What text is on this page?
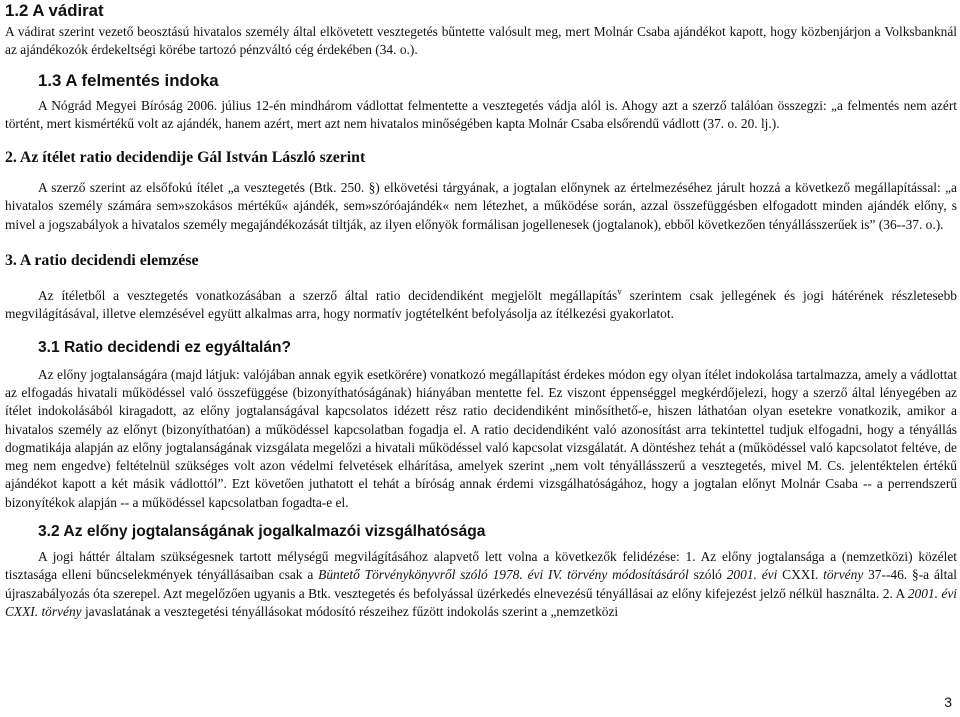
1.2 A vádirat

A vádirat szerint vezető beosztású hivatalos személy által elkövetett vesztegetés bűntette valósult meg, mert Molnár Csaba ajándékot kapott, hogy közbenjárjon a Volksbanknál az ajándékozók érdekeltségi körébe tartozó pénzváltó cég érdekében (34. o.).

1.3 A felmentés indoka

A Nógrád Megyei Bíróság 2006. július 12-én mindhárom vádlottat felmentette a vesztegetés vádja alól is. Ahogy azt a szerző találóan összegzi: „a felmentés nem azért történt, mert kismértékű volt az ajándék, hanem azért, mert azt nem hivatalos minőségében kapta Molnár Csaba elsőrendű vádlott (37. o. 20. lj.).

2. Az ítélet ratio decidendije Gál István László szerint

A szerző szerint az elsőfokú ítélet „a vesztegetés (Btk. 250. §) elkövetési tárgyának, a jogtalan előnynek az értelmezéséhez járult hozzá a következő megállapítással: „a hivatalos személy számára sem»szokásos mértékű« ajándék, sem»szóróajándék« nem létezhet, a működése során, azzal összefüggésben elfogadott minden ajándék előny, s mivel a jogszabályok a hivatalos személy megajándékozását tiltják, az ilyen előnyök formálisan jogellenesek (jogtalanok), ebből következően tényállásszerűek is” (36--37. o.).

3. A ratio decidendi elemzése

Az ítéletből a vesztegetés vonatkozásában a szerző által ratio decidendiként megjelölt megállapítás$^v$ szerintem csak jellegének és jogi hátérének részletesebb megvilágításával, illetve elemzésével együtt alkalmas arra, hogy normatív jogtételként befolyásolja az ítélkezési gyakorlatot.

3.1 Ratio decidendi ez egyáltalán?

Az előny jogtalanságára (majd látjuk: valójában annak egyik esetkörére) vonatkozó megállapítást érdekes módon egy olyan ítélet indokolása tartalmazza, amely a vádlottat az elfogadás hivatali működéssel való összefüggése (bizonyíthatóságának) hiányában mentette fel. Ez viszont éppenséggel megkérdőjelezi, hogy a szerző által lényegében az ítélet indokolásából kiragadott, az előny jogtalanságával kapcsolatos idézett rész ratio decidendiként minősíthető-e, hiszen láthatóan olyan esetekre vonatkozik, amikor a hivatalos személy az előnyt (bizonyíthatóan) a működéssel kapcsolatban fogadja el. A ratio decidendiként való azonosítást arra tekintettel tudjuk elfogadni, hogy a tényállás dogmatikája alapján az előny jogtalanságának vizsgálata megelőzi a hivatali működéssel való kapcsolat vizsgálatát. A döntéshez tehát a (működéssel való kapcsolatot feltéve, de meg nem engedve) feltételnül szükséges volt azon védelmi felvetések elhárítása, amelyek szerint „nem volt tényállásszerű a vesztegetés, mivel M. Cs. jelentéktelen értékű ajándékot kapott a két másik vádlottól”. Ezt követően juthatott el tehát a bíróság annak érdemi vizsgálhatóságához, hogy a jogtalan előnyt Molnár Csaba -- a perrendszerű bizonyítékok alapján -- a működéssel kapcsolatban fogadta-e el.

3.2 Az előny jogtalanságának jogalkalmazói vizsgálhatósága

A jogi háttér általam szükségesnek tartott mélységű megvilágításához alapvető lett volna a következők felidézése: 1. Az előny jogtalansága a (nemzetközi) közélet tisztasága elleni bűncselekmények tényállásaiban csak a Büntető Törvénykönyvről szóló 1978. évi IV. törvény módosításáról szóló 2001. évi CXXI. törvény 37--46. §-a által újraszabályozás óta szerepel. Azt megelőzően ugyanis a Btk. vesztegetés és befolyással üzérkedés elnevezésű tényállásai az előny kifejezést jelző nélkül használta. 2. A 2001. évi CXXI. törvény javaslatának a vesztegetési tényállásokat módosító részeihez fűzött indokolás szerint a „nemzetközi

3
